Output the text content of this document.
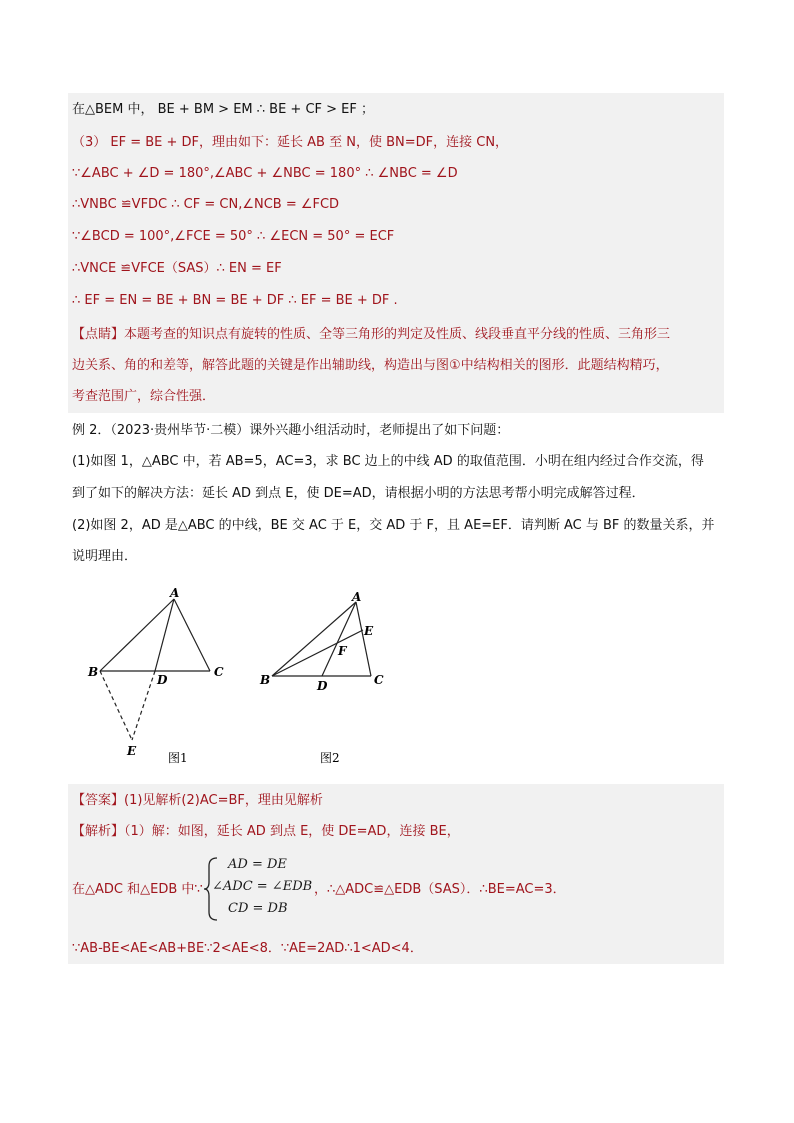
在△BEM 中， BE + BM > EM ∴ BE + CF > EF ；
（3） EF = BE + DF，理由如下：延长 AB 至 N，使 BN=DF，连接 CN，
∵∠ABC + ∠D = 180°,∠ABC + ∠NBC = 180° ∴ ∠NBC = ∠D
∴VNBC ≌VFDC ∴ CF = CN,∠NCB = ∠FCD
∵∠BCD = 100°,∠FCE = 50° ∴ ∠ECN = 50° = ECF
∴VNCE ≌VFCE（SAS）∴ EN = EF
∴ EF = EN = BE + BN = BE + DF ∴ EF = BE + DF .
【点睛】本题考查的知识点有旋转的性质、全等三角形的判定及性质、线段垂直平分线的性质、三角形三
边关系、角的和差等，解答此题的关键是作出辅助线，构造出与图①中结构相关的图形．此题结构精巧，
考查范围广，综合性强．
例 2．（2023·贵州毕节·二模）课外兴趣小组活动时，老师提出了如下问题：
(1)如图 1，△ABC 中，若 AB=5，AC=3，求 BC 边上的中线 AD 的取值范围．小明在组内经过合作交流，得
到了如下的解决方法：延长 AD 到点 E，使 DE=AD，请根据小明的方法思考帮小明完成解答过程．
(2)如图 2，AD 是△ABC 的中线，BE 交 AC 于 E，交 AD 于 F，且 AE=EF．请判断 AC 与 BF 的数量关系，并
说明理由．
A
B	C
D
E	图1
A
B	C
D
E
F
图2
【答案】(1)见解析(2)AC=BF，理由见解析
【解析】（1）解：如图，延长 AD 到点 E，使 DE=AD，连接 BE，
在△ADC 和△EDB 中∵
AD = DE
∠ADC = ∠EDB
CD = DB
，∴△ADC≌△EDB（SAS）．∴BE=AC=3．
∵AB-BE<AE<AB+BE∵2<AE<8．∵AE=2AD∴1<AD<4．
